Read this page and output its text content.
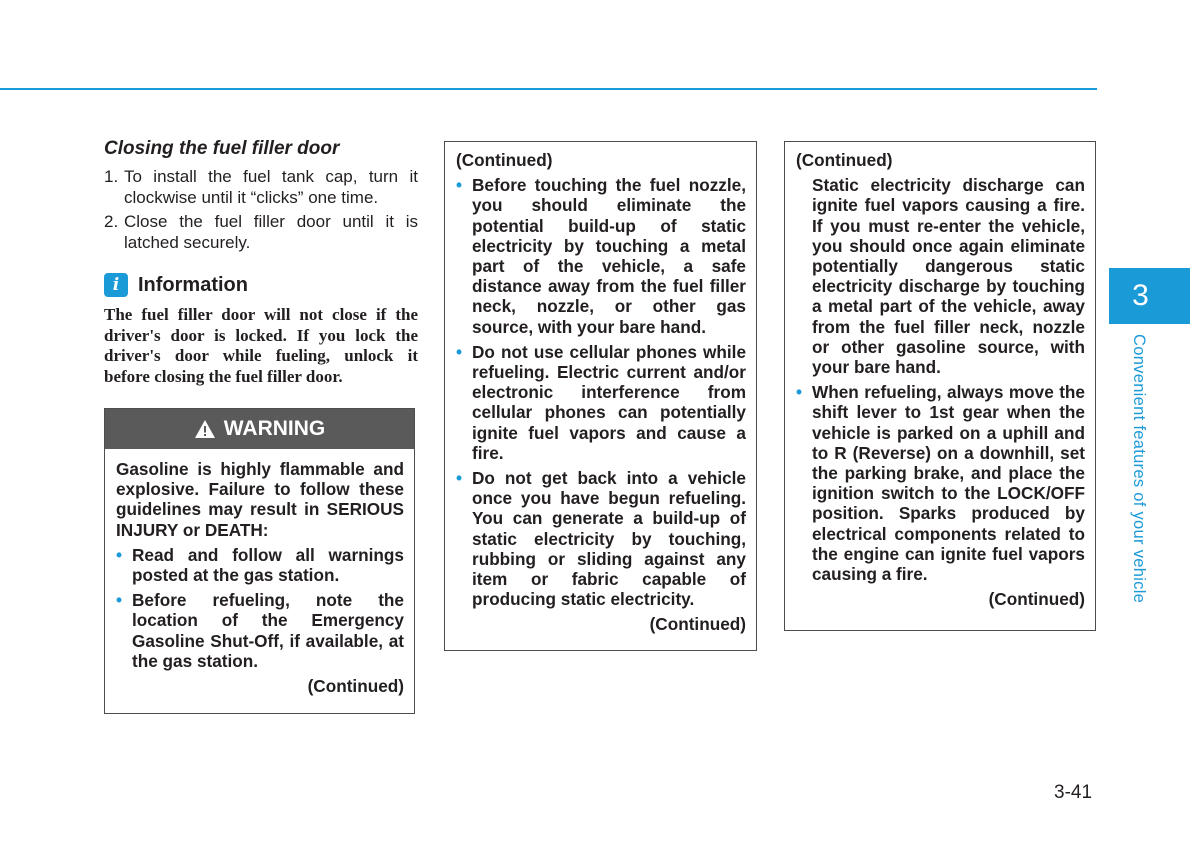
Closing the fuel filler door
1. To install the fuel tank cap, turn it clockwise until it “clicks” one time.
2. Close the fuel filler door until it is latched securely.
i Information

The fuel filler door will not close if the driver's door is locked. If you lock the driver's door while fueling, unlock it before closing the fuel filler door.

WARNING

Gasoline is highly flammable and explosive. Failure to follow these guidelines may result in SERIOUS INJURY or DEATH:

• Read and follow all warnings posted at the gas station.
• Before refueling, note the location of the Emergency Gasoline Shut-Off, if available, at the gas station.
(Continued)

(Continued)

• Before touching the fuel nozzle, you should eliminate the potential build-up of static electricity by touching a metal part of the vehicle, a safe distance away from the fuel filler neck, nozzle, or other gas source, with your bare hand.
• Do not use cellular phones while refueling. Electric current and/or electronic interference from cellular phones can potentially ignite fuel vapors and cause a fire.
• Do not get back into a vehicle once you have begun refueling. You can generate a build-up of static electricity by touching, rubbing or sliding against any item or fabric capable of producing static electricity.
(Continued)

(Continued)

Static electricity discharge can ignite fuel vapors causing a fire. If you must re-enter the vehicle, you should once again eliminate potentially dangerous static electricity discharge by touching a metal part of the vehicle, away from the fuel filler neck, nozzle or other gasoline source, with your bare hand.

• When refueling, always move the shift lever to 1st gear when the vehicle is parked on a uphill and to R (Reverse) on a downhill, set the parking brake, and place the ignition switch to the LOCK/OFF position. Sparks produced by electrical components related to the engine can ignite fuel vapors causing a fire.
(Continued)
3
Convenient features of your vehicle
3-41
